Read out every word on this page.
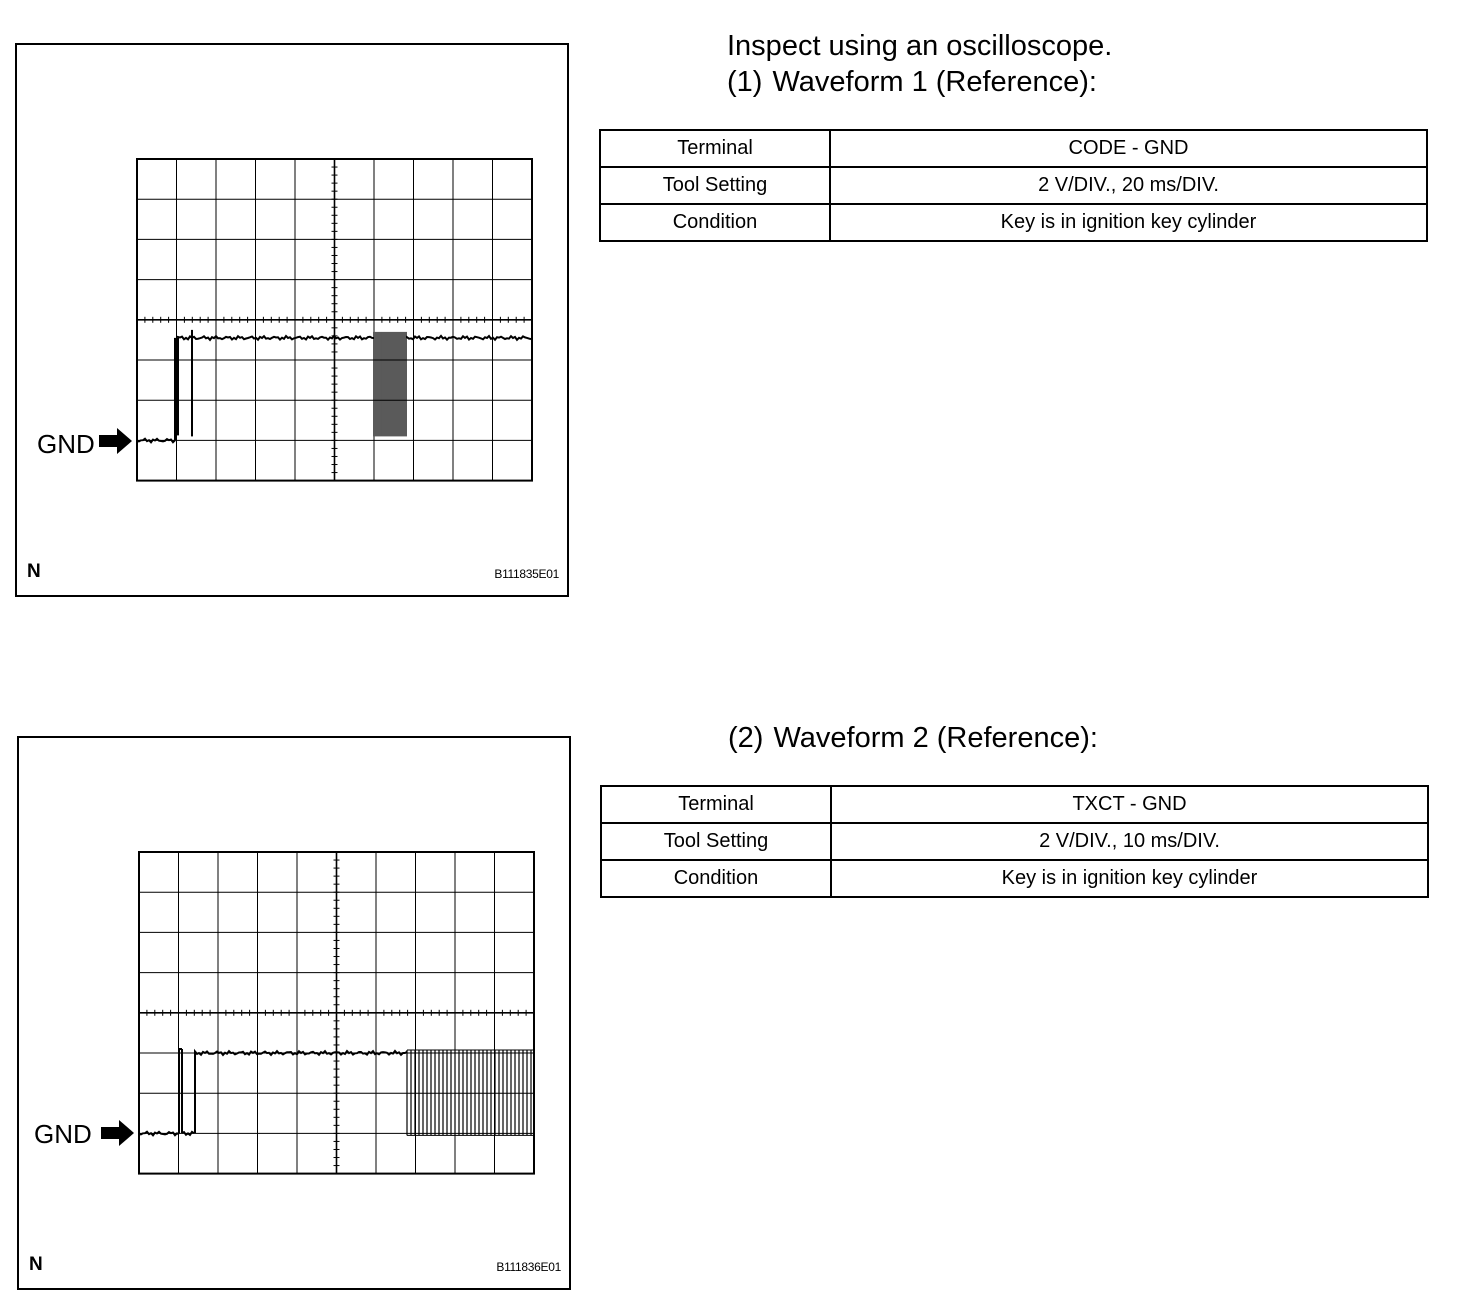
GND
N	B111835E01
GND
N	B111836E01
Inspect using an oscilloscope.
(1) Waveform 1 (Reference):
(2) Waveform 2 (Reference):
Terminal	CODE - GND
Tool Setting	2 V/DIV., 20 ms/DIV.
Condition	Key is in ignition key cylinder
Terminal	TXCT - GND
Tool Setting	2 V/DIV., 10 ms/DIV.
Condition	Key is in ignition key cylinder
